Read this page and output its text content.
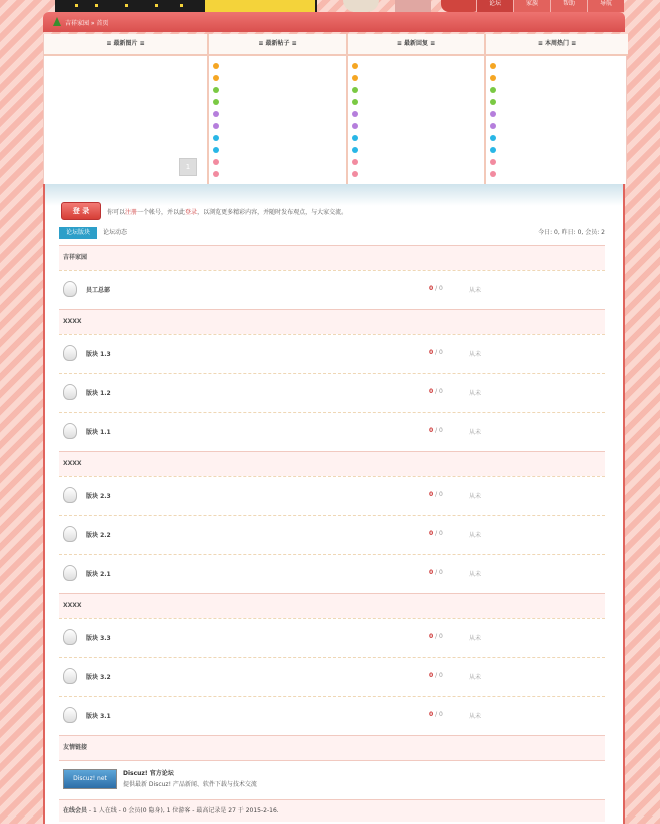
论坛	家族	帮助	导航
吉祥家园 » 首页
≡ 最新图片 ≡
1
≡ 最新帖子 ≡	≡ 最新回复 ≡	≡ 本周热门 ≡
登 录	你可以注册一个帐号，并以此登录，以浏览更多精彩内容，并随时发布观点，与大家交流。
论坛版块	论坛动态	今日: 0, 昨日: 0, 会员: 2
吉祥家园
员工总部	0 / 0	从未
XXXX
版块 1.3	0 / 0	从未
版块 1.2	0 / 0	从未
版块 1.1	0 / 0	从未
XXXX
版块 2.3	0 / 0	从未
版块 2.2	0 / 0	从未
版块 2.1	0 / 0	从未
XXXX
版块 3.3	0 / 0	从未
版块 3.2	0 / 0	从未
版块 3.1	0 / 0	从未
友情链接
Discuz! net
Discuz! 官方论坛
提供最新 Discuz! 产品新闻、软件下载与技术交流
在线会员 - 1 人在线 - 0 会员(0 隐身), 1 位游客 - 最高记录是 27 于 2015-2-16.
